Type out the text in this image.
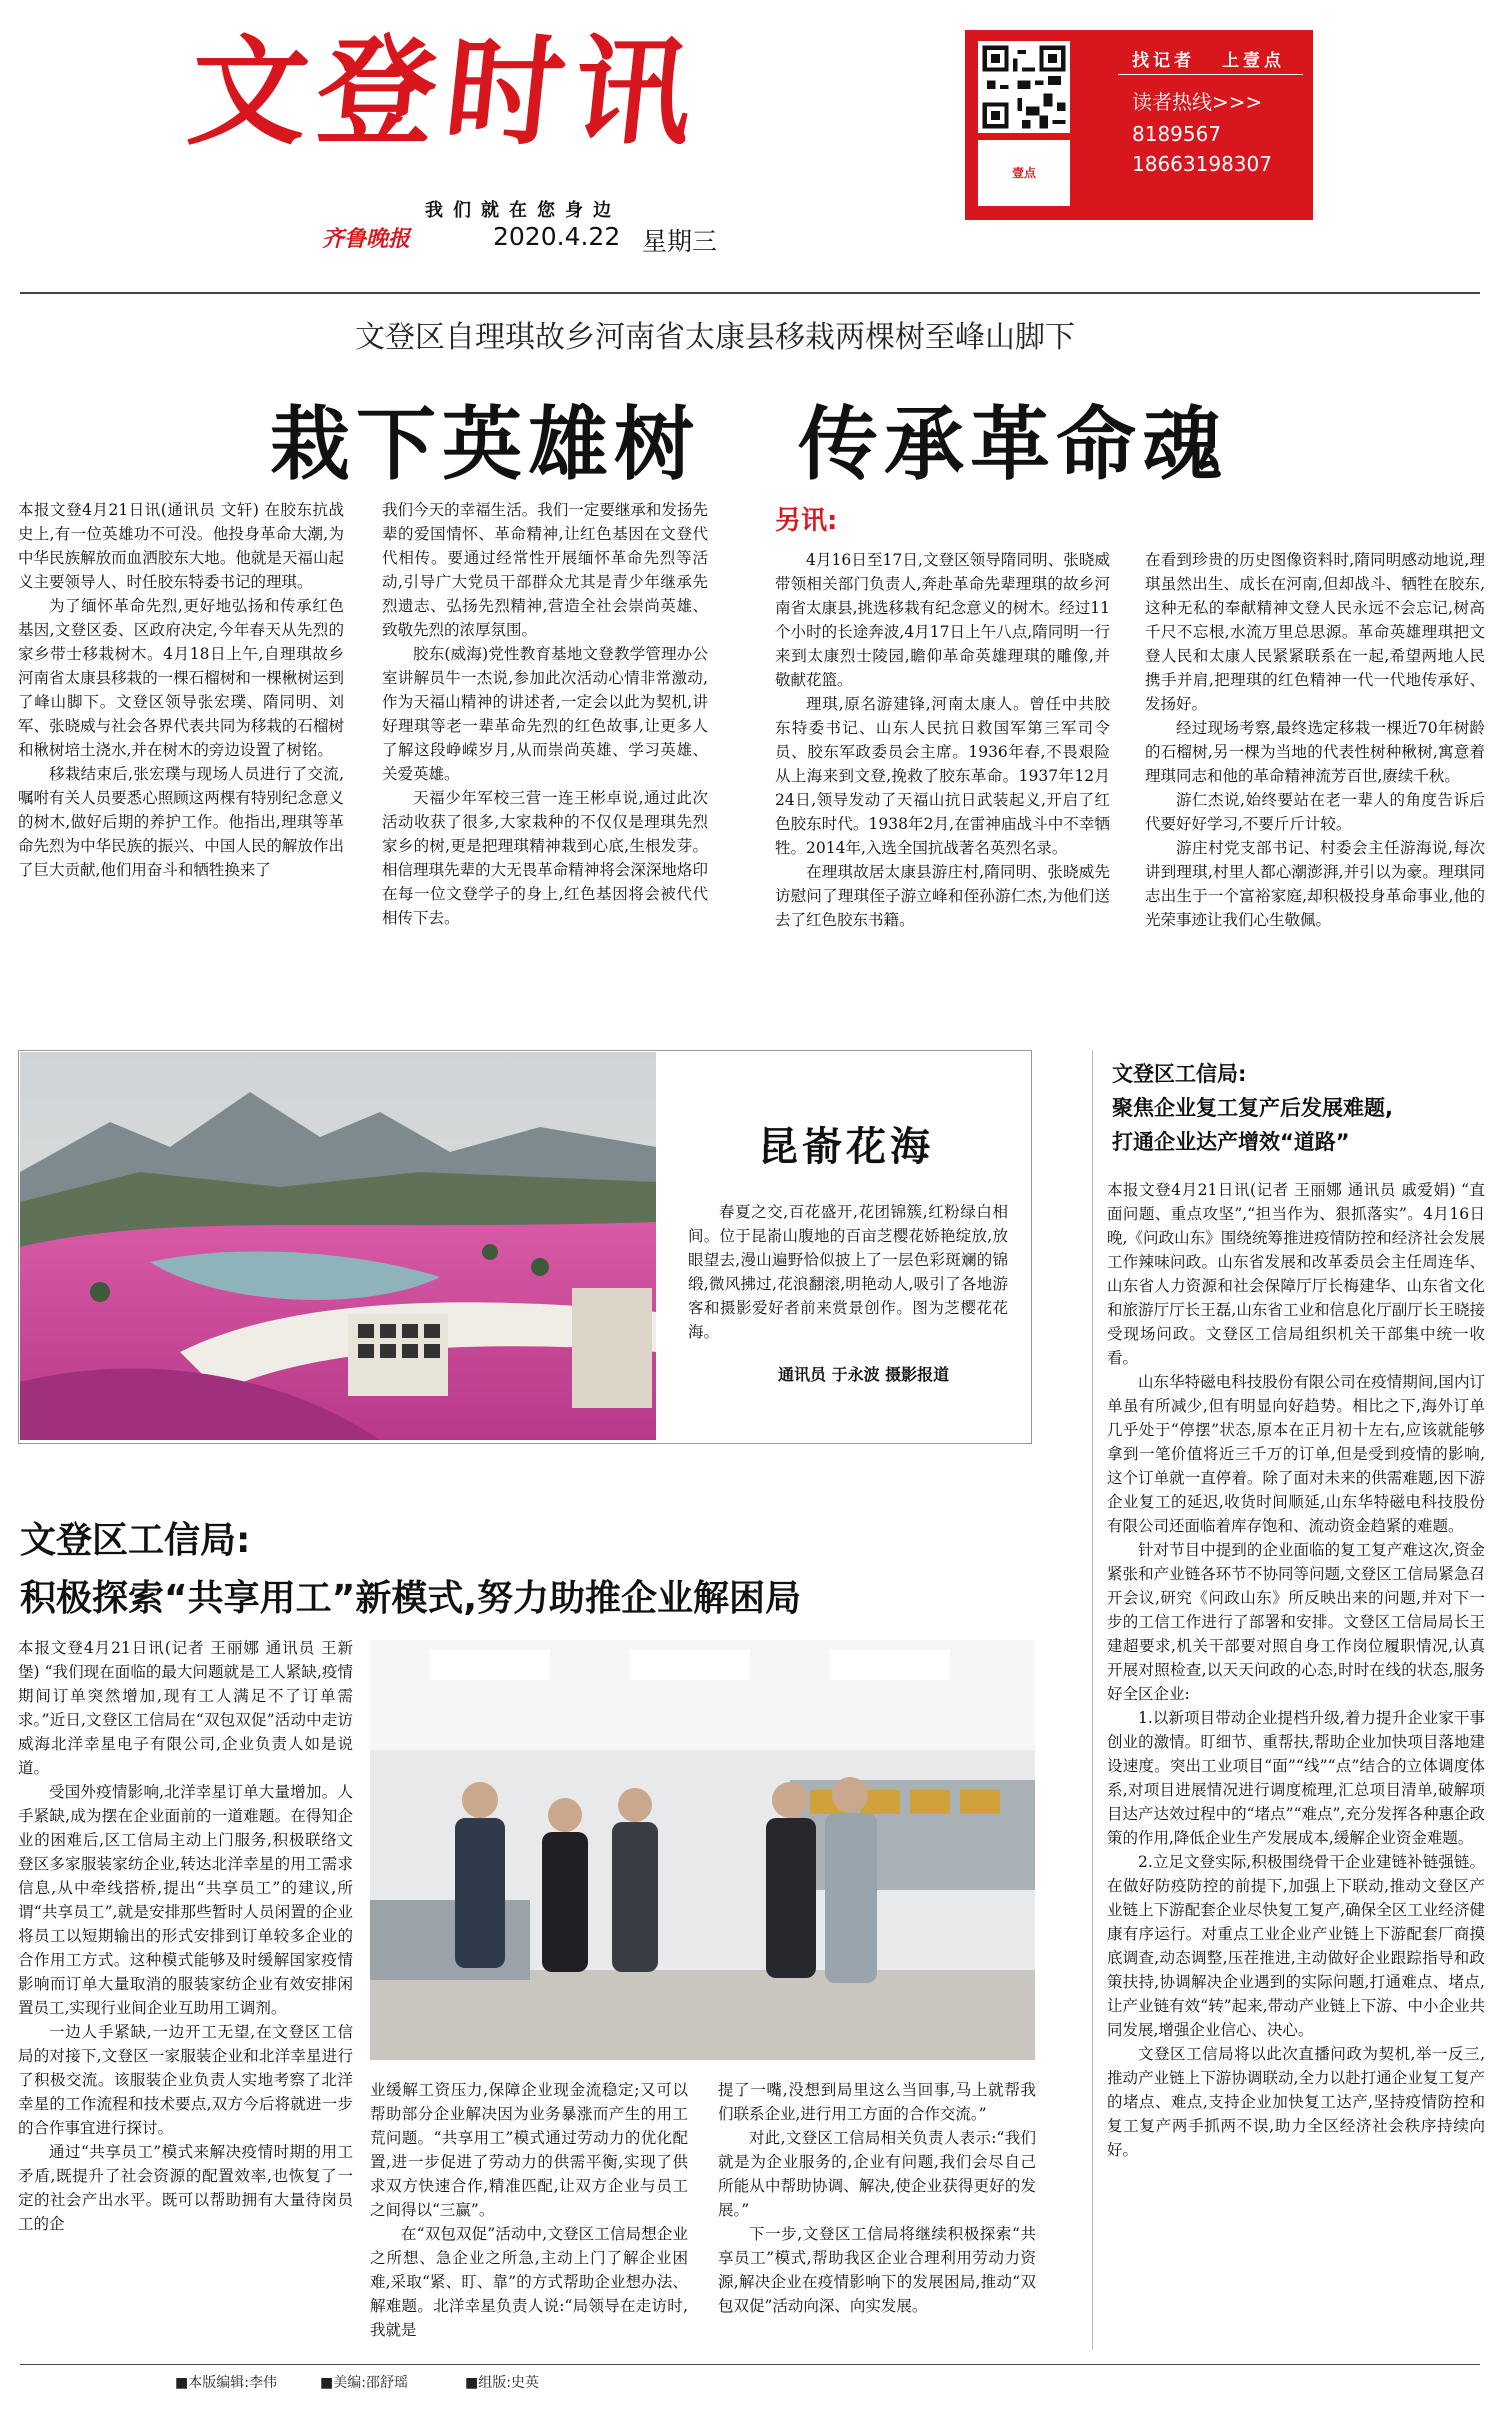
文登时讯
我们就在您身边
齐鲁晚报	2020.4.22 星期三
壹点
找记者 上壹点
读者热线>>>
8189567
18663198307
文登区自理琪故乡河南省太康县移栽两棵树至峰山脚下
栽下英雄树 传承革命魂

本报文登4月21日讯(通讯员 文轩) 在胶东抗战史上,有一位英雄功不可没。他投身革命大潮,为中华民族解放而血洒胶东大地。他就是天福山起义主要领导人、时任胶东特委书记的理琪。

为了缅怀革命先烈,更好地弘扬和传承红色基因,文登区委、区政府决定,今年春天从先烈的家乡带士移栽树木。4月18日上午,自理琪故乡河南省太康县移栽的一棵石榴树和一棵楸树运到了峰山脚下。文登区领导张宏璞、隋同明、刘军、张晓威与社会各界代表共同为移栽的石榴树和楸树培土浇水,并在树木的旁边设置了树铭。

移栽结束后,张宏璞与现场人员进行了交流,嘱咐有关人员要悉心照顾这两棵有特别纪念意义的树木,做好后期的养护工作。他指出,理琪等革命先烈为中华民族的振兴、中国人民的解放作出了巨大贡献,他们用奋斗和牺牲换来了

我们今天的幸福生活。我们一定要继承和发扬先辈的爱国情怀、革命精神,让红色基因在文登代代相传。要通过经常性开展缅怀革命先烈等活动,引导广大党员干部群众尤其是青少年继承先烈遗志、弘扬先烈精神,营造全社会崇尚英雄、致敬先烈的浓厚氛围。

胶东(威海)党性教育基地文登教学管理办公室讲解员牛一杰说,参加此次活动心情非常激动,作为天福山精神的讲述者,一定会以此为契机,讲好理琪等老一辈革命先烈的红色故事,让更多人了解这段峥嵘岁月,从而崇尚英雄、学习英雄、关爱英雄。

天福少年军校三营一连王彬卓说,通过此次活动收获了很多,大家栽种的不仅仅是理琪先烈家乡的树,更是把理琪精神栽到心底,生根发芽。相信理琪先辈的大无畏革命精神将会深深地烙印在每一位文登学子的身上,红色基因将会被代代相传下去。

另讯:

4月16日至17日,文登区领导隋同明、张晓威带领相关部门负责人,奔赴革命先辈理琪的故乡河南省太康县,挑选移栽有纪念意义的树木。经过11个小时的长途奔波,4月17日上午八点,隋同明一行来到太康烈士陵园,瞻仰革命英雄理琪的雕像,并敬献花篮。

理琪,原名游建锋,河南太康人。曾任中共胶东特委书记、山东人民抗日救国军第三军司令员、胶东军政委员会主席。1936年春,不畏艰险从上海来到文登,挽救了胶东革命。1937年12月24日,领导发动了天福山抗日武装起义,开启了红色胶东时代。1938年2月,在雷神庙战斗中不幸牺牲。2014年,入选全国抗战著名英烈名录。

在理琪故居太康县游庄村,隋同明、张晓威先访慰问了理琪侄子游立峰和侄孙游仁杰,为他们送去了红色胶东书籍。

在看到珍贵的历史图像资料时,隋同明感动地说,理琪虽然出生、成长在河南,但却战斗、牺牲在胶东,这种无私的奉献精神文登人民永远不会忘记,树高千尺不忘根,水流万里总思源。革命英雄理琪把文登人民和太康人民紧紧联系在一起,希望两地人民携手并肩,把理琪的红色精神一代一代地传承好、发扬好。

经过现场考察,最终选定移栽一棵近70年树龄的石榴树,另一棵为当地的代表性树种楸树,寓意着理琪同志和他的革命精神流芳百世,赓续千秋。

游仁杰说,始终要站在老一辈人的角度告诉后代要好好学习,不要斤斤计较。

游庄村党支部书记、村委会主任游海说,每次讲到理琪,村里人都心潮澎湃,并引以为豪。理琪同志出生于一个富裕家庭,却积极投身革命事业,他的光荣事迹让我们心生敬佩。

昆嵛花海

春夏之交,百花盛开,花团锦簇,红粉绿白相间。位于昆嵛山腹地的百亩芝樱花娇艳绽放,放眼望去,漫山遍野恰似披上了一层色彩斑斓的锦缎,微风拂过,花浪翻滚,明艳动人,吸引了各地游客和摄影爱好者前来赏景创作。图为芝樱花花海。

通讯员 于永波 摄影报道
文登区工信局:
聚焦企业复工复产后发展难题,
打通企业达产增效“道路”

本报文登4月21日讯(记者 王丽娜 通讯员 戚爱娟) “直面问题、重点攻坚”,“担当作为、狠抓落实”。4月16日晚,《问政山东》围绕统筹推进疫情防控和经济社会发展工作辣味问政。山东省发展和改革委员会主任周连华、山东省人力资源和社会保障厅厅长梅建华、山东省文化和旅游厅厅长王磊,山东省工业和信息化厅副厅长王晓接受现场问政。文登区工信局组织机关干部集中统一收看。

山东华特磁电科技股份有限公司在疫情期间,国内订单虽有所减少,但有明显向好趋势。相比之下,海外订单几乎处于“停摆”状态,原本在正月初十左右,应该就能够拿到一笔价值将近三千万的订单,但是受到疫情的影响,这个订单就一直停着。除了面对未来的供需难题,因下游企业复工的延迟,收货时间顺延,山东华特磁电科技股份有限公司还面临着库存饱和、流动资金趋紧的难题。

针对节目中提到的企业面临的复工复产难这次,资金紧张和产业链各环节不协同等问题,文登区工信局紧急召开会议,研究《问政山东》所反映出来的问题,并对下一步的工信工作进行了部署和安排。文登区工信局局长王建超要求,机关干部要对照自身工作岗位履职情况,认真开展对照检查,以天天问政的心态,时时在线的状态,服务好全区企业:

1.以新项目带动企业提档升级,着力提升企业家干事创业的激情。盯细节、重帮扶,帮助企业加快项目落地建设速度。突出工业项目“面”“线”“点”结合的立体调度体系,对项目进展情况进行调度梳理,汇总项目清单,破解项目达产达效过程中的“堵点”“难点”,充分发挥各种惠企政策的作用,降低企业生产发展成本,缓解企业资金难题。

2.立足文登实际,积极围绕骨干企业建链补链强链。在做好防疫防控的前提下,加强上下联动,推动文登区产业链上下游配套企业尽快复工复产,确保全区工业经济健康有序运行。对重点工业企业产业链上下游配套厂商摸底调查,动态调整,压茬推进,主动做好企业跟踪指导和政策扶持,协调解决企业遇到的实际问题,打通难点、堵点,让产业链有效“转”起来,带动产业链上下游、中小企业共同发展,增强企业信心、决心。

文登区工信局将以此次直播问政为契机,举一反三,推动产业链上下游协调联动,全力以赴打通企业复工复产的堵点、难点,支持企业加快复工达产,坚持疫情防控和复工复产两手抓两不误,助力全区经济社会秩序持续向好。

文登区工信局:
积极探索“共享用工”新模式,努力助推企业解困局

本报文登4月21日讯(记者 王丽娜 通讯员 王新堡) “我们现在面临的最大问题就是工人紧缺,疫情期间订单突然增加,现有工人满足不了订单需求。”近日,文登区工信局在“双包双促”活动中走访威海北洋幸星电子有限公司,企业负责人如是说道。

受国外疫情影响,北洋幸星订单大量增加。人手紧缺,成为摆在企业面前的一道难题。在得知企业的困难后,区工信局主动上门服务,积极联络文登区多家服装家纺企业,转达北洋幸星的用工需求信息,从中牵线搭桥,提出“共享员工”的建议,所谓“共享员工”,就是安排那些暂时人员闲置的企业将员工以短期输出的形式安排到订单较多企业的合作用工方式。这种模式能够及时缓解国家疫情影响而订单大量取消的服装家纺企业有效安排闲置员工,实现行业间企业互助用工调剂。

一边人手紧缺,一边开工无望,在文登区工信局的对接下,文登区一家服装企业和北洋幸星进行了积极交流。该服装企业负责人实地考察了北洋幸星的工作流程和技术要点,双方今后将就进一步的合作事宜进行探讨。

通过“共享员工”模式来解决疫情时期的用工矛盾,既提升了社会资源的配置效率,也恢复了一定的社会产出水平。既可以帮助拥有大量待岗员工的企

业缓解工资压力,保障企业现金流稳定;又可以帮助部分企业解决因为业务暴涨而产生的用工荒问题。“共享用工”模式通过劳动力的优化配置,进一步促进了劳动力的供需平衡,实现了供求双方快速合作,精准匹配,让双方企业与员工之间得以“三赢”。

在“双包双促”活动中,文登区工信局想企业之所想、急企业之所急,主动上门了解企业困难,采取“紧、盯、靠”的方式帮助企业想办法、解难题。北洋幸星负责人说:“局领导在走访时,我就是

提了一嘴,没想到局里这么当回事,马上就帮我们联系企业,进行用工方面的合作交流。”

对此,文登区工信局相关负责人表示:“我们就是为企业服务的,企业有问题,我们会尽自己所能从中帮助协调、解决,使企业获得更好的发展。”

下一步,文登区工信局将继续积极探索“共享员工”模式,帮助我区企业合理利用劳动力资源,解决企业在疫情影响下的发展困局,推动“双包双促”活动向深、向实发展。

■本版编辑:李伟	■美编:邵舒瑶	■组版:史英
